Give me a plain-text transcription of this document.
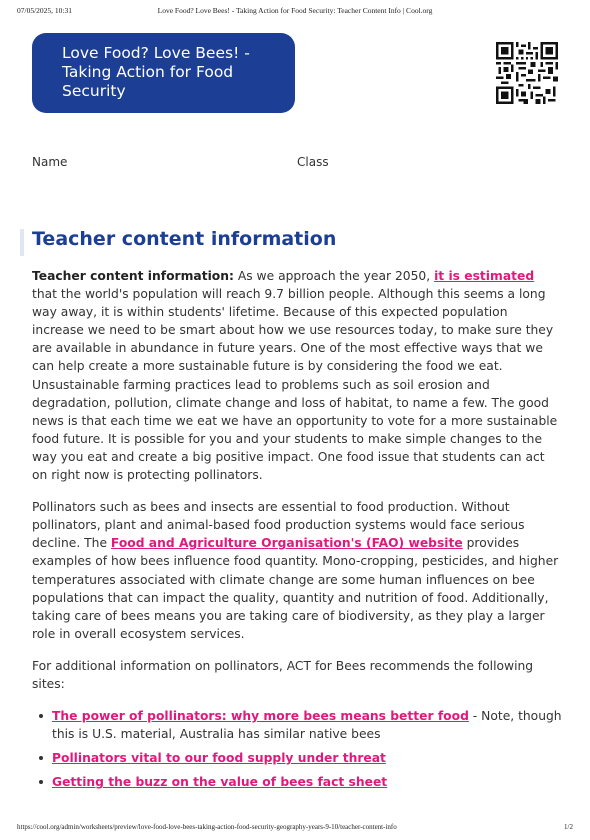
07/05/2025, 10:31	Love Food? Love Bees! - Taking Action for Food Security: Teacher Content Info | Cool.org
Love Food? Love Bees! - Taking Action for Food Security
Name	Class
Teacher content information

Teacher content information: As we approach the year 2050, it is estimated that the world's population will reach 9.7 billion people. Although this seems a long way away, it is within students' lifetime. Because of this expected population increase we need to be smart about how we use resources today, to make sure they are available in abundance in future years. One of the most effective ways that we can help create a more sustainable future is by considering the food we eat. Unsustainable farming practices lead to problems such as soil erosion and degradation, pollution, climate change and loss of habitat, to name a few. The good news is that each time we eat we have an opportunity to vote for a more sustainable food future. It is possible for you and your students to make simple changes to the way you eat and create a big positive impact. One food issue that students can act on right now is protecting pollinators.

Pollinators such as bees and insects are essential to food production. Without pollinators, plant and animal-based food production systems would face serious decline. The Food and Agriculture Organisation's (FAO) website provides examples of how bees influence food quantity. Mono-cropping, pesticides, and higher temperatures associated with climate change are some human influences on bee populations that can impact the quality, quantity and nutrition of food. Additionally, taking care of bees means you are taking care of biodiversity, as they play a larger role in overall ecosystem services.

For additional information on pollinators, ACT for Bees recommends the following sites:

The power of pollinators: why more bees means better food - Note, though this is U.S. material, Australia has similar native bees
Pollinators vital to our food supply under threat
Getting the buzz on the value of bees fact sheet
https://cool.org/admin/worksheets/preview/love-food-love-bees-taking-action-food-security-geography-years-9-10/teacher-content-info	1/2
